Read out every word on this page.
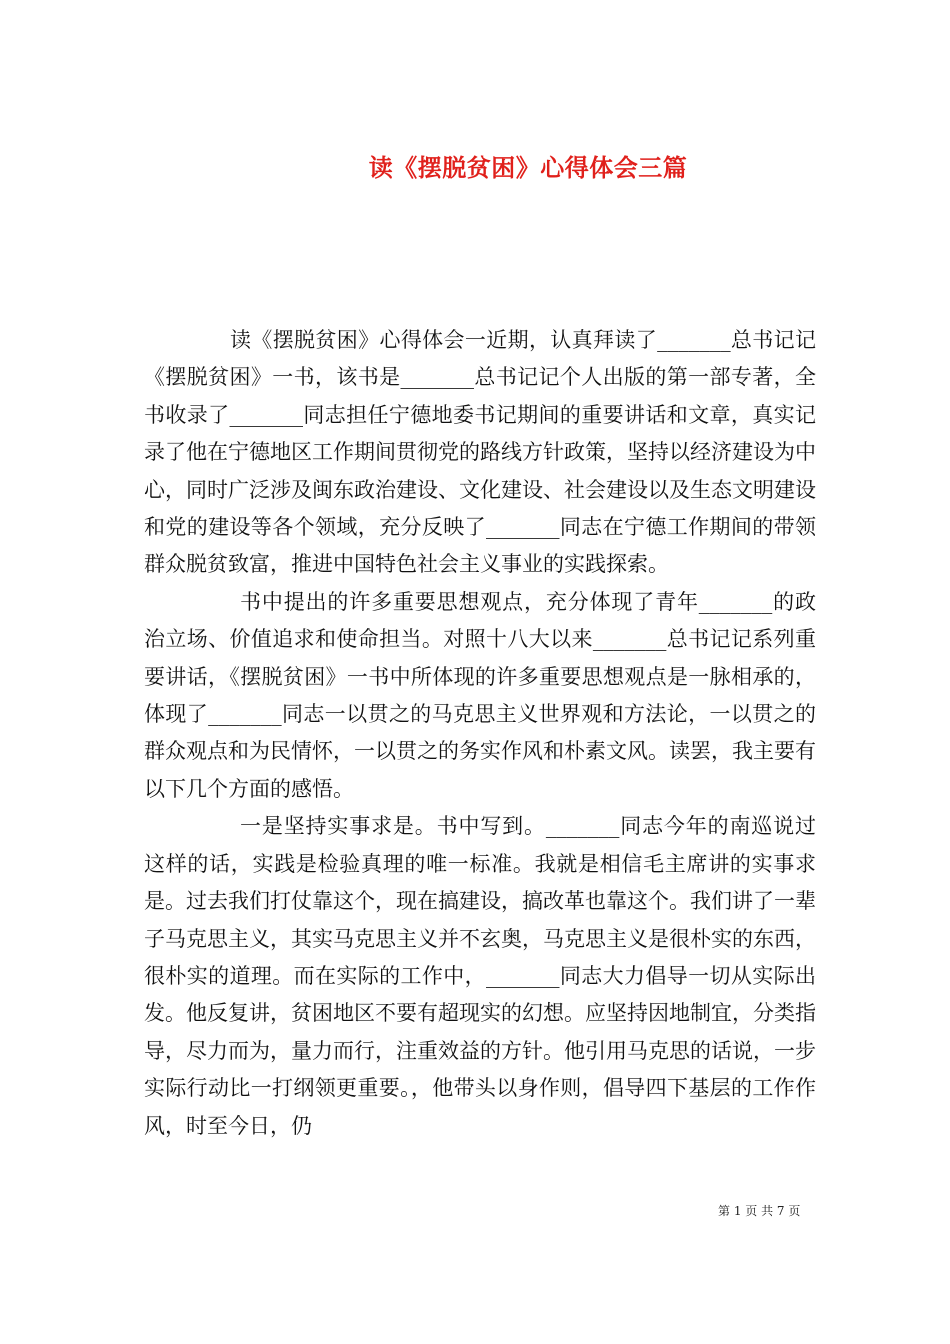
读《摆脱贫困》心得体会三篇

读《摆脱贫困》心得体会一近期，认真拜读了_______总书记记《摆脱贫困》一书，该书是_______总书记记个人出版的第一部专著，全书收录了_______同志担任宁德地委书记期间的重要讲话和文章，真实记录了他在宁德地区工作期间贯彻党的路线方针政策，坚持以经济建设为中心，同时广泛涉及闽东政治建设、文化建设、社会建设以及生态文明建设和党的建设等各个领域，充分反映了_______同志在宁德工作期间的带领群众脱贫致富，推进中国特色社会主义事业的实践探索。

书中提出的许多重要思想观点，充分体现了青年_______的政治立场、价值追求和使命担当。对照十八大以来_______总书记记系列重要讲话，《摆脱贫困》一书中所体现的许多重要思想观点是一脉相承的，体现了_______同志一以贯之的马克思主义世界观和方法论，一以贯之的群众观点和为民情怀，一以贯之的务实作风和朴素文风。读罢，我主要有以下几个方面的感悟。

一是坚持实事求是。书中写到。_______同志今年的南巡说过这样的话，实践是检验真理的唯一标准。我就是相信毛主席讲的实事求是。过去我们打仗靠这个，现在搞建设，搞改革也靠这个。我们讲了一辈子马克思主义，其实马克思主义并不玄奥，马克思主义是很朴实的东西，很朴实的道理。而在实际的工作中，_______同志大力倡导一切从实际出发。他反复讲，贫困地区不要有超现实的幻想。应坚持因地制宜，分类指导，尽力而为，量力而行，注重效益的方针。他引用马克思的话说，一步实际行动比一打纲领更重要。，他带头以身作则，倡导四下基层的工作作风，时至今日，仍

第 1 页 共 7 页
